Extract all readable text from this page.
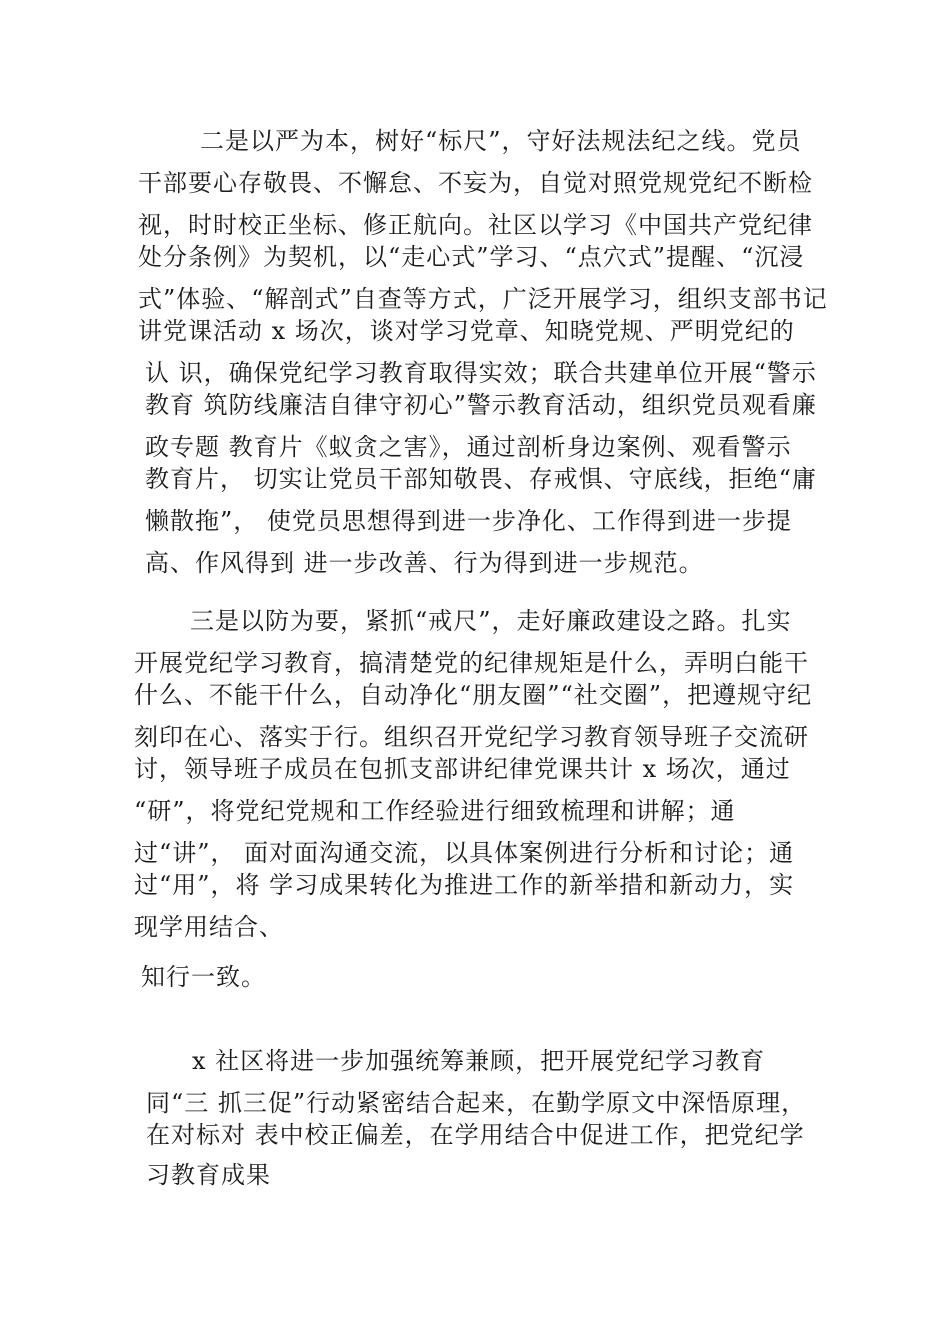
二是以严为本，树好“标尺”，守好法规法纪之线。党员
干部要心存敬畏、不懈怠、不妄为，自觉对照党规党纪不断检
视，时时校正坐标、修正航向。社区以学习《中国共产党纪律
处分条例》为契机，以“走心式”学习、“点穴式”提醒、“沉浸
式”体验、“解剖式”自查等方式，广泛开展学习，组织支部书记
讲党课活动 x 场次，谈对学习党章、知晓党规、严明党纪的
认 识，确保党纪学习教育取得实效；联合共建单位开展“警示
教育 筑防线廉洁自律守初心”警示教育活动，组织党员观看廉
政专题 教育片《蚁贪之害》，通过剖析身边案例、观看警示
教育片， 切实让党员干部知敬畏、存戒惧、守底线，拒绝“庸
懒散拖”， 使党员思想得到进一步净化、工作得到进一步提
高、作风得到 进一步改善、行为得到进一步规范。
三是以防为要，紧抓“戒尺”，走好廉政建设之路。扎实
开展党纪学习教育，搞清楚党的纪律规矩是什么，弄明白能干
什么、不能干什么，自动净化“朋友圈”“社交圈”，把遵规守纪
刻印在心、落实于行。组织召开党纪学习教育领导班子交流研
讨，领导班子成员在包抓支部讲纪律党课共计 x 场次，通过
“研”，将党纪党规和工作经验进行细致梳理和讲解；通
过“讲”， 面对面沟通交流，以具体案例进行分析和讨论；通
过“用”，将 学习成果转化为推进工作的新举措和新动力，实
现学用结合、
知行一致。
x 社区将进一步加强统筹兼顾，把开展党纪学习教育
同“三 抓三促”行动紧密结合起来，在勤学原文中深悟原理，
在对标对 表中校正偏差，在学用结合中促进工作，把党纪学
习教育成果
